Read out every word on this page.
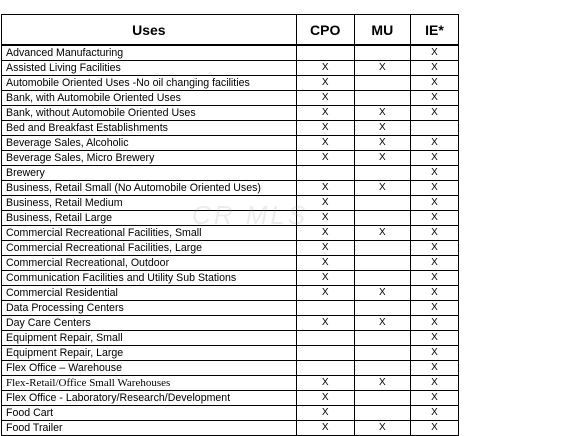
Uses	CPO	MU	IE*
Advanced Manufacturing			X
Assisted Living Facilities	X	X	X
Automobile Oriented Uses -No oil changing facilities	X		X
Bank, with Automobile Oriented Uses	X		X
Bank, without Automobile Oriented Uses	X	X	X
Bed and Breakfast Establishments	X	X	
Beverage Sales, Alcoholic	X	X	X
Beverage Sales, Micro Brewery	X	X	X
Brewery			X
Business, Retail Small (No Automobile Oriented Uses)	X	X	X
Business, Retail Medium	X		X
Business, Retail Large	X		X
Commercial Recreational Facilities, Small	X	X	X
Commercial Recreational Facilities, Large	X		X
Commercial Recreational, Outdoor	X		X
Communication Facilities and Utility Sub Stations	X		X
Commercial Residential	X	X	X
Data Processing Centers			X
Day Care Centers	X	X	X
Equipment Repair, Small			X
Equipment Repair, Large			X
Flex Office – Warehouse			X
Flex-Retail/Office Small Warehouses	X	X	X
Flex Office - Laboratory/Research/Development	X		X
Food Cart	X		X
Food Trailer	X	X	X
CR MLS
